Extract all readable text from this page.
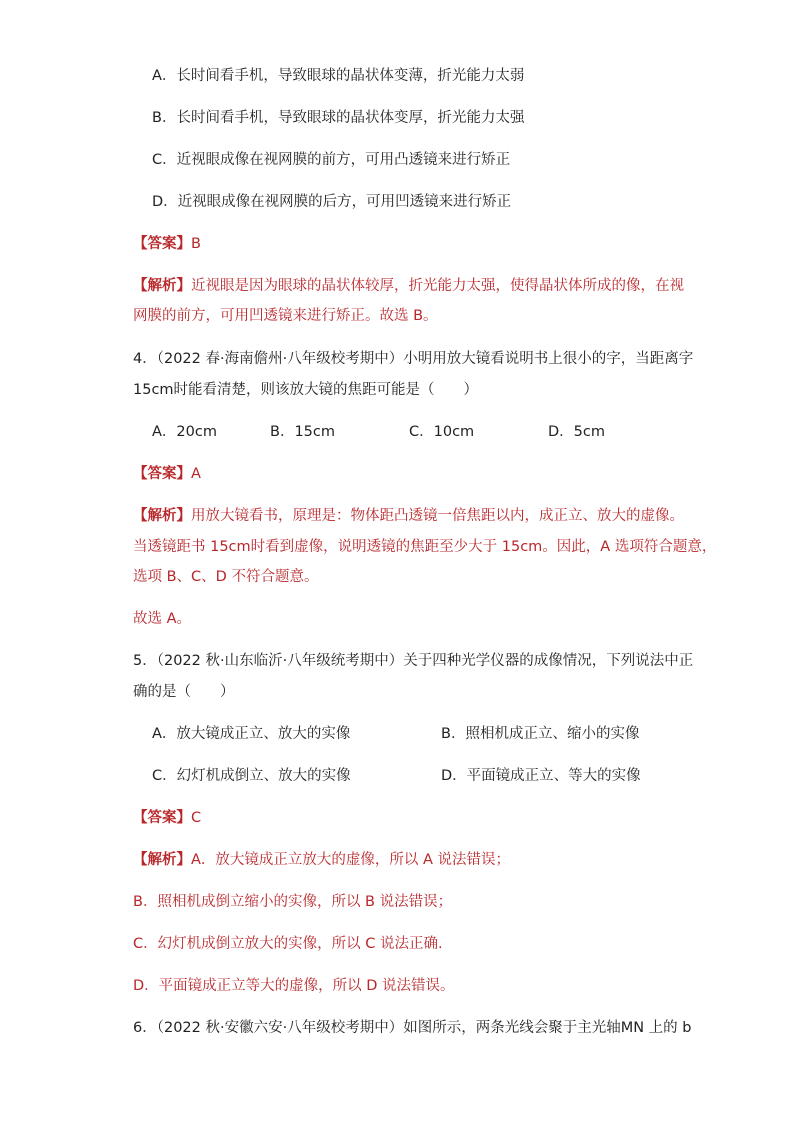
A．长时间看手机，导致眼球的晶状体变薄，折光能力太弱
B．长时间看手机，导致眼球的晶状体变厚，折光能力太强
C．近视眼成像在视网膜的前方，可用凸透镜来进行矫正
D．近视眼成像在视网膜的后方，可用凹透镜来进行矫正
【答案】B
【解析】近视眼是因为眼球的晶状体较厚，折光能力太强，使得晶状体所成的像，在视
网膜的前方，可用凹透镜来进行矫正。故选 B。
4．（2022 春·海南儋州·八年级校考期中）小明用放大镜看说明书上很小的字，当距离字
15cm时能看清楚，则该放大镜的焦距可能是（　　）
A．20cm	B．15cm	C．10cm	D．5cm
【答案】A
【解析】用放大镜看书，原理是：物体距凸透镜一倍焦距以内，成正立、放大的虚像。
当透镜距书 15cm时看到虚像，说明透镜的焦距至少大于 15cm。因此，A 选项符合题意，
选项 B、C、D 不符合题意。
故选 A。
5．（2022 秋·山东临沂·八年级统考期中）关于四种光学仪器的成像情况，下列说法中正
确的是（　　）
A．放大镜成正立、放大的实像	B．照相机成正立、缩小的实像
C．幻灯机成倒立、放大的实像	D．平面镜成正立、等大的实像
【答案】C
【解析】A．放大镜成正立放大的虚像，所以 A 说法错误；
B．照相机成倒立缩小的实像，所以 B 说法错误；
C．幻灯机成倒立放大的实像，所以 C 说法正确.
D．平面镜成正立等大的虚像，所以 D 说法错误。
6．（2022 秋·安徽六安·八年级校考期中）如图所示，两条光线会聚于主光轴MN 上的 b
